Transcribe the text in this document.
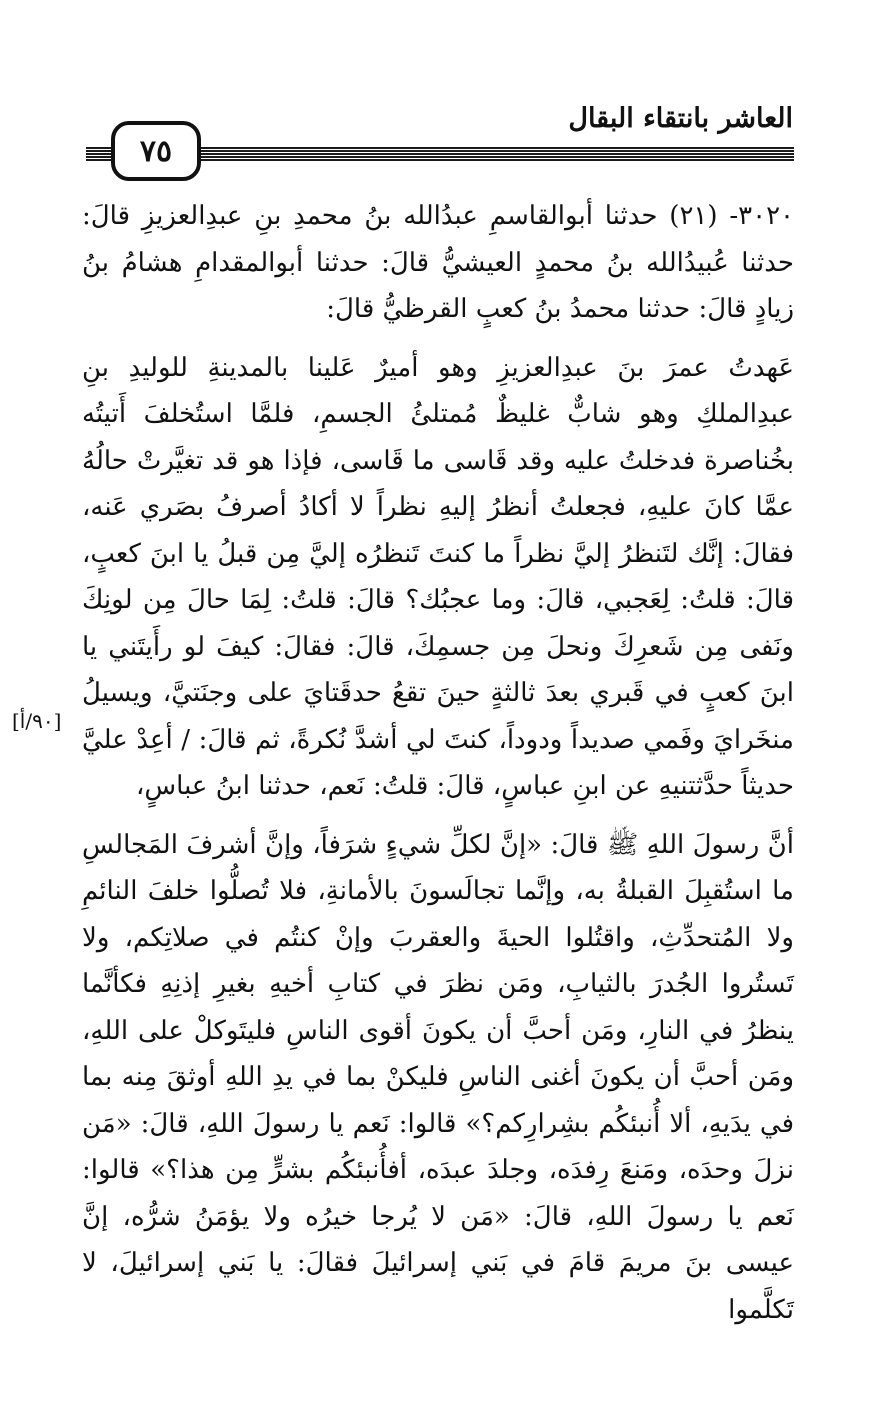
العاشر بانتقاء البقال
٧٥

٣٠٢٠- (٢١) حدثنا أبوالقاسمِ عبدُالله بنُ محمدِ بنِ عبدِالعزيزِ قالَ: حدثنا عُبيدُالله بنُ محمدٍ العيشيُّ قالَ: حدثنا أبوالمقدامِ هشامُ بنُ زيادٍ قالَ: حدثنا محمدُ بنُ كعبٍ القرظيُّ قالَ:

عَهدتُ عمرَ بنَ عبدِالعزيزِ وهو أميرٌ عَلينا بالمدينةِ للوليدِ بنِ عبدِالملكِ وهو شابٌّ غليظٌ مُمتلئُ الجسمِ، فلمَّا استُخلفَ أَتيتُه بخُناصرة فدخلتُ عليه وقد قَاسى ما قَاسى، فإذا هو قد تغيَّرتْ حالُهُ عمَّا كانَ عليهِ، فجعلتُ أنظرُ إليهِ نظراً لا أكادُ أصرفُ بصَري عَنه، فقالَ: إنَّك لتَنظرُ إليَّ نظراً ما كنتَ تَنظرُه إليَّ مِن قبلُ يا ابنَ كعبٍ، قالَ: قلتُ: لِعَجبي، قالَ: وما عجبُك؟ قالَ: قلتُ: لِمَا حالَ مِن لونِكَ ونَفى مِن شَعرِكَ ونحلَ مِن جسمِكَ، قالَ: فقالَ: كيفَ لو رأَيتَني يا ابنَ كعبٍ في قَبري بعدَ ثالثةٍ حينَ تقعُ حدقَتايَ على وجنَتيَّ، ويسيلُ منخَرايَ وفَمي صديداً ودوداً، كنتَ لي أشدَّ نُكرةً، ثم قالَ: / أعِدْ عليَّ حديثاً حدَّثتنيهِ عن ابنِ عباسٍ، قالَ: قلتُ: نَعم، حدثنا ابنُ عباسٍ،

أنَّ رسولَ اللهِ ﷺ قالَ: «إنَّ لكلِّ شيءٍ شرَفاً، وإنَّ أشرفَ المَجالسِ ما استُقبِلَ القبلةُ به، وإنَّما تجالَسونَ بالأمانةِ، فلا تُصلُّوا خلفَ النائمِ ولا المُتحدِّثِ، واقتُلوا الحيةَ والعقربَ وإنْ كنتُم في صلاتِكم، ولا تَستُروا الجُدرَ بالثيابِ، ومَن نظرَ في كتابِ أخيهِ بغيرِ إذنِهِ فكأنَّما ينظرُ في النارِ، ومَن أحبَّ أن يكونَ أقوى الناسِ فليتَوكلْ على اللهِ، ومَن أحبَّ أن يكونَ أغنى الناسِ فليكنْ بما في يدِ اللهِ أوثقَ مِنه بما في يدَيهِ، ألا أُنبئكُم بشِرارِكم؟» قالوا: نَعم يا رسولَ اللهِ، قالَ: «مَن نزلَ وحدَه، ومَنعَ رِفدَه، وجلدَ عبدَه، أفأُنبئكُم بشرٍّ مِن هذا؟» قالوا: نَعم يا رسولَ اللهِ، قالَ: «مَن لا يُرجا خيرُه ولا يؤمَنُ شرُّه، إنَّ عيسى بنَ مريمَ قامَ في بَني إسرائيلَ فقالَ: يا بَني إسرائيلَ، لا تَكلَّموا

[٩٠/أ]
